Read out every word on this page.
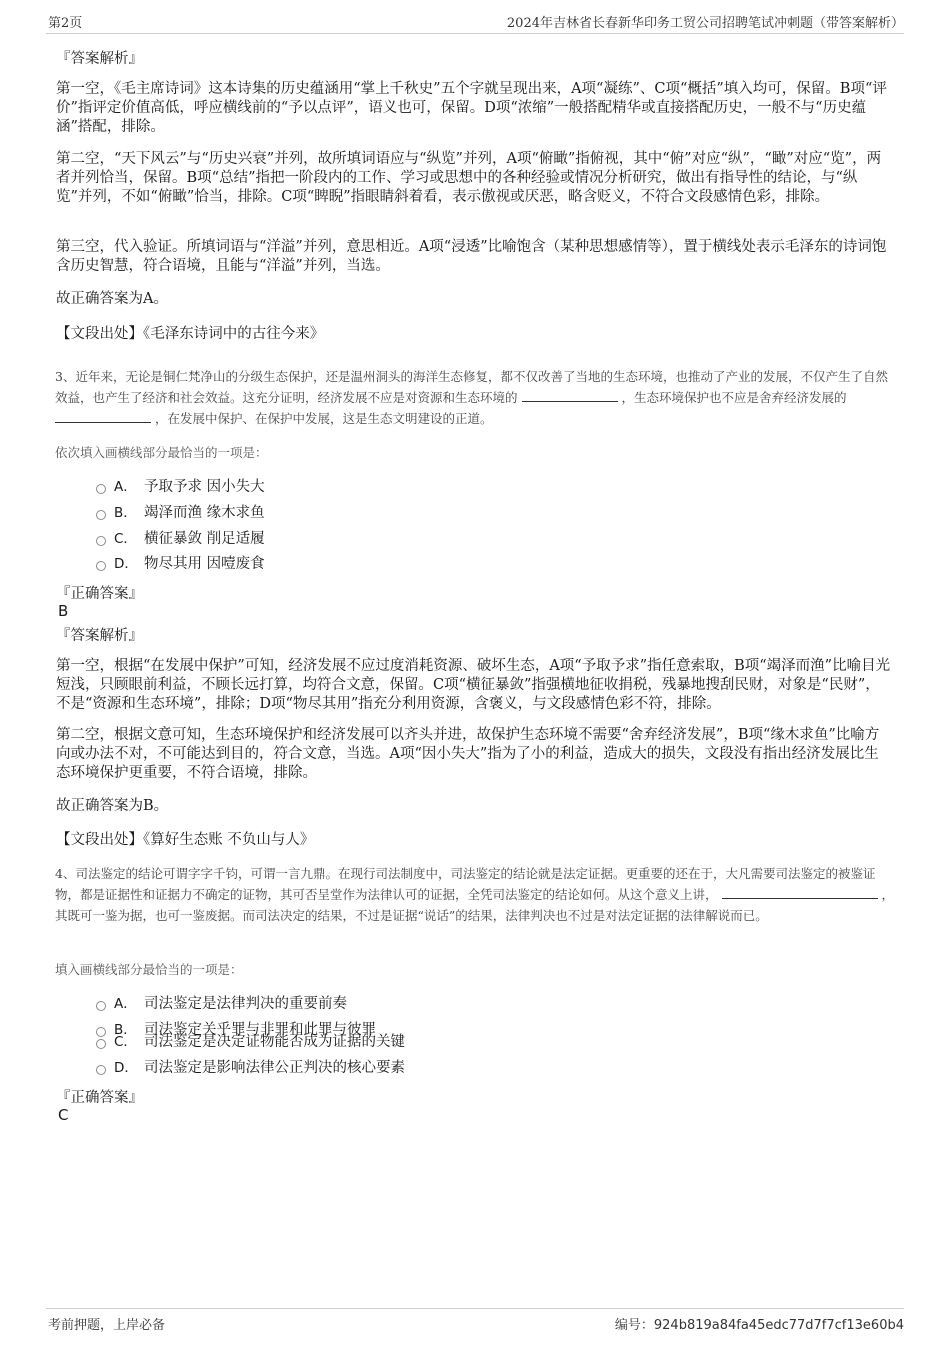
第2页	2024年吉林省长春新华印务工贸公司招聘笔试冲刺题（带答案解析）
『答案解析』
第一空，《毛主席诗词》这本诗集的历史蕴涵用“掌上千秋史”五个字就呈现出来，A项“凝练”、C项“概括”填入均可，保留。B项“评价”指评定价值高低，呼应横线前的“予以点评”，语义也可，保留。D项“浓缩”一般搭配精华或直接搭配历史，一般不与“历史蕴涵”搭配，排除。
第二空，“天下风云”与“历史兴衰”并列，故所填词语应与“纵览”并列，A项“俯瞰”指俯视，其中“俯”对应“纵”，“瞰”对应“览”，两者并列恰当，保留。B项“总结”指把一阶段内的工作、学习或思想中的各种经验或情况分析研究，做出有指导性的结论，与“纵览”并列，不如“俯瞰”恰当，排除。C项“睥睨”指眼睛斜着看，表示傲视或厌恶，略含贬义，不符合文段感情色彩，排除。
第三空，代入验证。所填词语与“洋溢”并列，意思相近。A项“浸透”比喻饱含（某种思想感情等），置于横线处表示毛泽东的诗词饱含历史智慧，符合语境，且能与“洋溢”并列，当选。
故正确答案为A。
【文段出处】《毛泽东诗词中的古往今来》
3、近年来，无论是铜仁梵净山的分级生态保护，还是温州洞头的海洋生态修复，都不仅改善了当地的生态环境，也推动了产业的发展，不仅产生了自然效益，也产生了经济和社会效益。这充分证明，经济发展不应是对资源和生态环境的	，生态环境保护也不应是舍弃经济发展的  ，在发展中保护、在保护中发展，这是生态文明建设的正道。
依次填入画横线部分最恰当的一项是：
A． 予取予求 因小失大
B． 竭泽而渔 缘木求鱼
C． 横征暴敛 削足适履
D． 物尽其用 因噎废食
『正确答案』
B
『答案解析』
第一空，根据“在发展中保护”可知，经济发展不应过度消耗资源、破坏生态，A项“予取予求”指任意索取，B项“竭泽而渔”比喻目光短浅，只顾眼前利益，不顾长远打算，均符合文意，保留。C项“横征暴敛”指强横地征收捐税，残暴地搜刮民财，对象是“民财”，不是“资源和生态环境”，排除；D项“物尽其用”指充分利用资源，含褒义，与文段感情色彩不符，排除。
第二空，根据文意可知，生态环境保护和经济发展可以齐头并进，故保护生态环境不需要“舍弃经济发展”，B项“缘木求鱼”比喻方向或办法不对，不可能达到目的，符合文意，当选。A项“因小失大”指为了小的利益，造成大的损失，文段没有指出经济发展比生态环境保护更重要，不符合语境，排除。
故正确答案为B。
【文段出处】《算好生态账 不负山与人》
4、司法鉴定的结论可谓字字千钧，可谓一言九鼎。在现行司法制度中，司法鉴定的结论就是法定证据。更重要的还在于，大凡需要司法鉴定的被鉴证物，都是证据性和证据力不确定的证物，其可否呈堂作为法律认可的证据，全凭司法鉴定的结论如何。从这个意义上讲，	，其既可一鉴为据，也可一鉴废据。而司法决定的结果，不过是证据“说话”的结果，法律判决也不过是对法定证据的法律解说而已。
填入画横线部分最恰当的一项是：
A． 司法鉴定是法律判决的重要前奏
B． 司法鉴定关乎罪与非罪和此罪与彼罪
C． 司法鉴定是决定证物能否成为证据的关键
D． 司法鉴定是影响法律公正判决的核心要素
『正确答案』
C
考前押题，上岸必备	编号：924b819a84fa45edc77d7f7cf13e60b4
